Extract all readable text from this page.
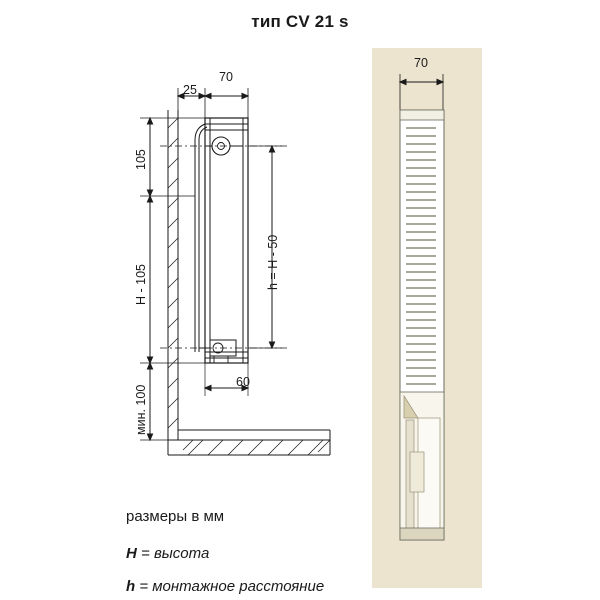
тип CV 21 s
70
25
105
H - 105
мин. 100
h = H - 50
60
70
размеры в мм
H = высота
h = монтажное расстояние
